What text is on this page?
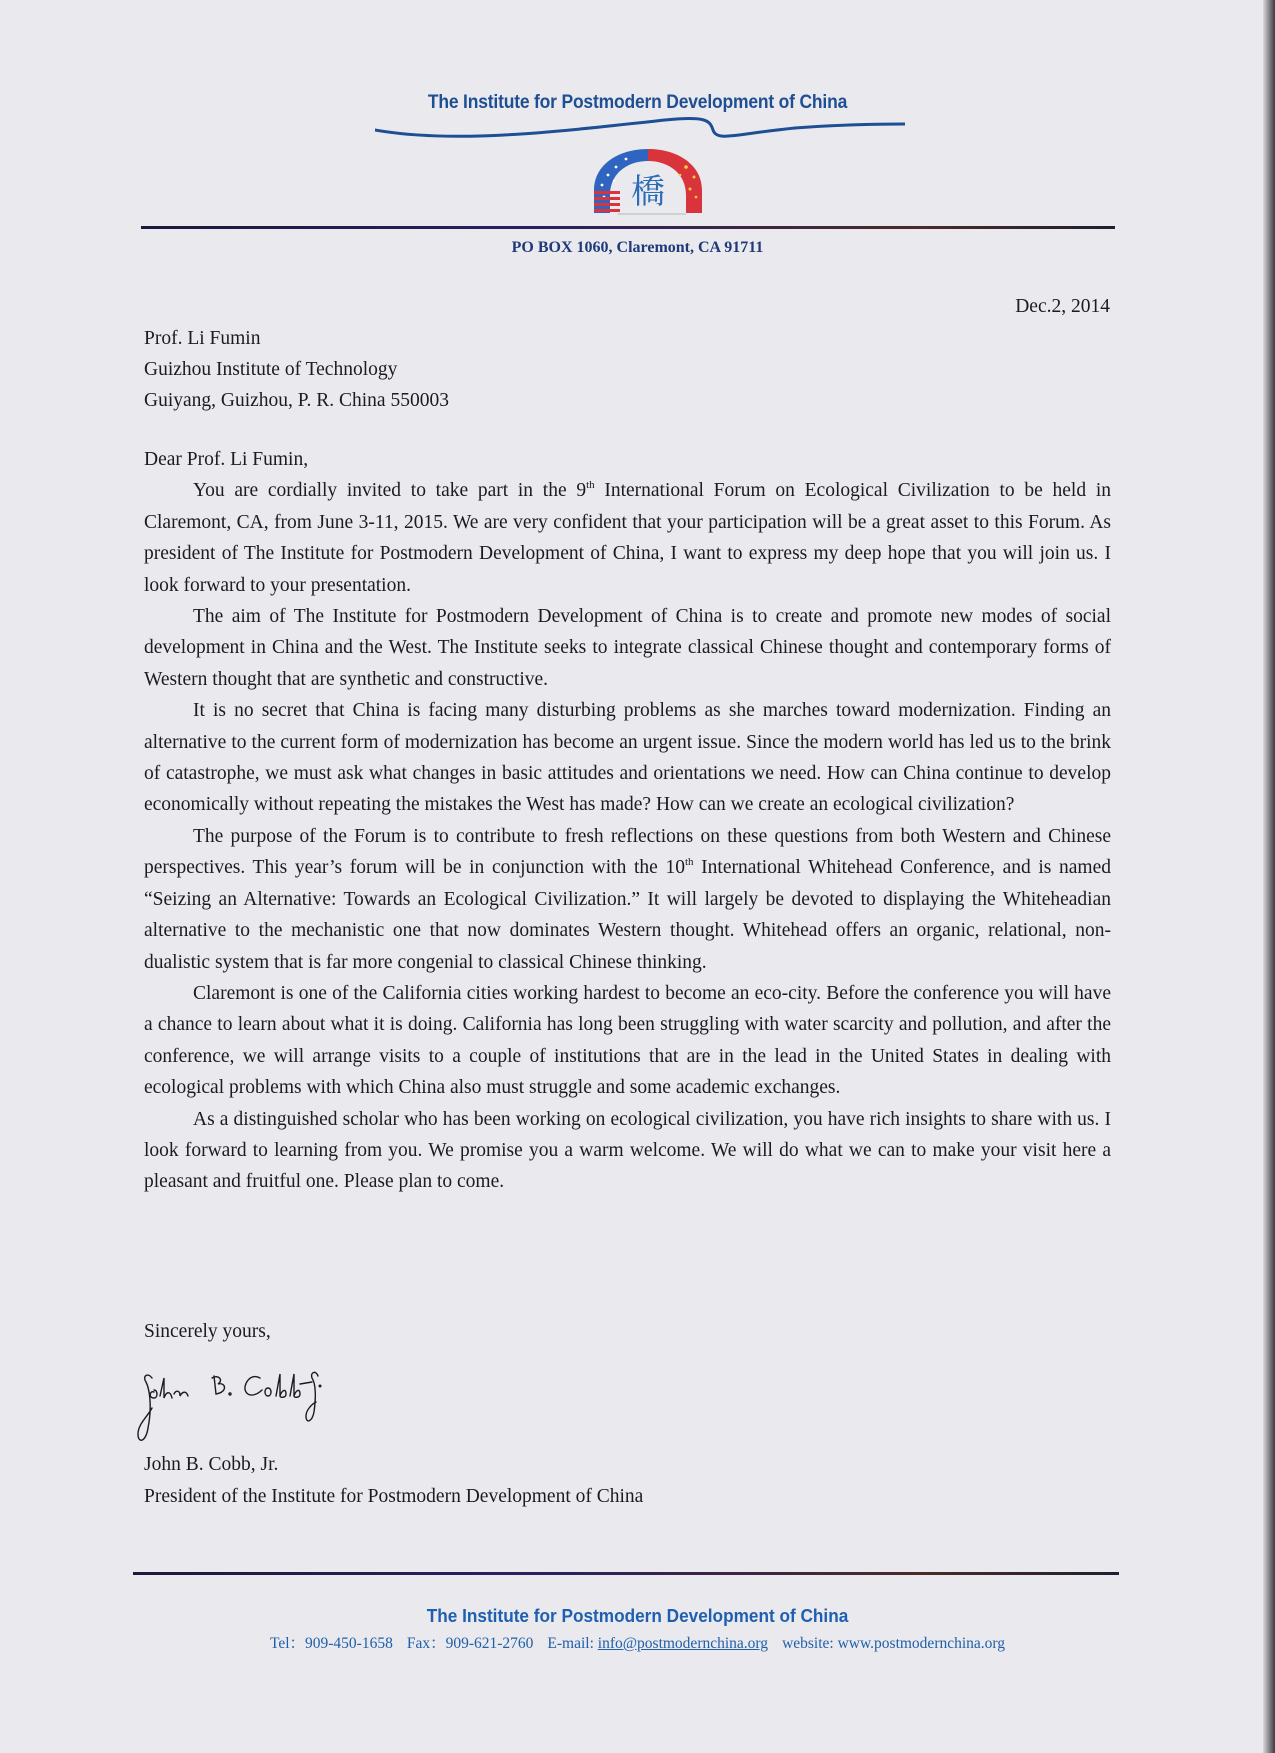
The Institute for Postmodern Development of China
橋
PO BOX 1060, Claremont, CA 91711
Dec.2, 2014
Prof. Li Fumin
Guizhou Institute of Technology
Guiyang, Guizhou, P. R. China 550003

Dear Prof. Li Fumin,

You are cordially invited to take part in the 9th International Forum on Ecological Civilization to be held in Claremont, CA, from June 3-11, 2015. We are very confident that your participation will be a great asset to this Forum. As president of The Institute for Postmodern Development of China, I want to express my deep hope that you will join us. I look forward to your presentation.

The aim of The Institute for Postmodern Development of China is to create and promote new modes of social development in China and the West. The Institute seeks to integrate classical Chinese thought and contemporary forms of Western thought that are synthetic and constructive.

It is no secret that China is facing many disturbing problems as she marches toward modernization. Finding an alternative to the current form of modernization has become an urgent issue. Since the modern world has led us to the brink of catastrophe, we must ask what changes in basic attitudes and orientations we need. How can China continue to develop economically without repeating the mistakes the West has made? How can we create an ecological civilization?

The purpose of the Forum is to contribute to fresh reflections on these questions from both Western and Chinese perspectives. This year’s forum will be in conjunction with the 10th International Whitehead Conference, and is named “Seizing an Alternative: Towards an Ecological Civilization.” It will largely be devoted to displaying the Whiteheadian alternative to the mechanistic one that now dominates Western thought. Whitehead offers an organic, relational, non-dualistic system that is far more congenial to classical Chinese thinking.

Claremont is one of the California cities working hardest to become an eco-city. Before the conference you will have a chance to learn about what it is doing. California has long been struggling with water scarcity and pollution, and after the conference, we will arrange visits to a couple of institutions that are in the lead in the United States in dealing with ecological problems with which China also must struggle and some academic exchanges.

As a distinguished scholar who has been working on ecological civilization, you have rich insights to share with us. I look forward to learning from you. We promise you a warm welcome. We will do what we can to make your visit here a pleasant and fruitful one. Please plan to come.

Sincerely yours,
John B. Cobb, Jr.
President of the Institute for Postmodern Development of China
The Institute for Postmodern Development of China
Tel：909-450-1658 Fax：909-621-2760 E-mail: info@postmodernchina.org website: www.postmodernchina.org
